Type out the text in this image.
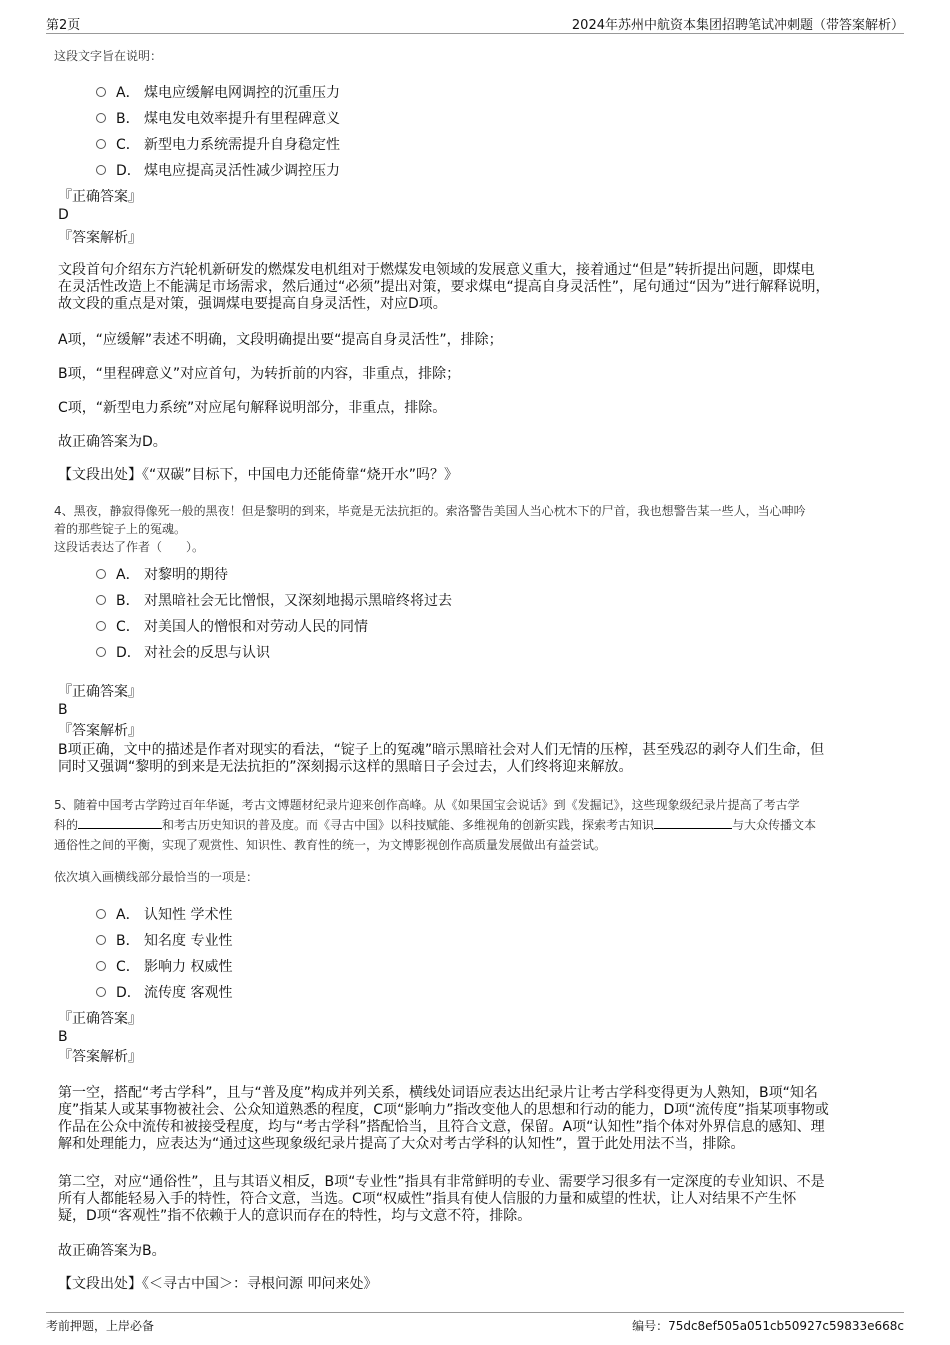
第2页	2024年苏州中航资本集团招聘笔试冲刺题（带答案解析）
这段文字旨在说明：
A． 煤电应缓解电网调控的沉重压力
B． 煤电发电效率提升有里程碑意义
C． 新型电力系统需提升自身稳定性
D． 煤电应提高灵活性减少调控压力
『正确答案』
D
『答案解析』
文段首句介绍东方汽轮机新研发的燃煤发电机组对于燃煤发电领域的发展意义重大，接着通过“但是”转折提出问题，即煤电
在灵活性改造上不能满足市场需求，然后通过“必须”提出对策，要求煤电“提高自身灵活性”，尾句通过“因为”进行解释说明，
故文段的重点是对策，强调煤电要提高自身灵活性，对应D项。
A项，“应缓解”表述不明确，文段明确提出要“提高自身灵活性”，排除；
B项，“里程碑意义”对应首句，为转折前的内容，非重点，排除；
C项，“新型电力系统”对应尾句解释说明部分，非重点，排除。
故正确答案为D。
【文段出处】《“双碳”目标下，中国电力还能倚靠“烧开水”吗？》
4、黑夜，静寂得像死一般的黑夜！但是黎明的到来，毕竟是无法抗拒的。索洛警告美国人当心枕木下的尸首，我也想警告某一些人，当心呻吟
着的那些锭子上的冤魂。
这段话表达了作者（　　）。
A． 对黎明的期待
B． 对黑暗社会无比憎恨，又深刻地揭示黑暗终将过去
C． 对美国人的憎恨和对劳动人民的同情
D． 对社会的反思与认识
『正确答案』
B
『答案解析』
B项正确，文中的描述是作者对现实的看法，“锭子上的冤魂”暗示黑暗社会对人们无情的压榨，甚至残忍的剥夺人们生命，但
同时又强调“黎明的到来是无法抗拒的”深刻揭示这样的黑暗日子会过去，人们终将迎来解放。
5、随着中国考古学跨过百年华诞，考古文博题材纪录片迎来创作高峰。从《如果国宝会说话》到《发掘记》，这些现象级纪录片提高了考古学
科的	和考古历史知识的普及度。而《寻古中国》以科技赋能、多维视角的创新实践，探索考古知识	与大众传播文本
通俗性之间的平衡，实现了观赏性、知识性、教育性的统一，为文博影视创作高质量发展做出有益尝试。
依次填入画横线部分最恰当的一项是：
A． 认知性 学术性
B． 知名度 专业性
C． 影响力 权威性
D． 流传度 客观性
『正确答案』
B
『答案解析』
第一空，搭配“考古学科”，且与“普及度”构成并列关系，横线处词语应表达出纪录片让考古学科变得更为人熟知，B项“知名
度”指某人或某事物被社会、公众知道熟悉的程度，C项“影响力”指改变他人的思想和行动的能力，D项“流传度”指某项事物或
作品在公众中流传和被接受程度，均与“考古学科”搭配恰当，且符合文意，保留。A项“认知性”指个体对外界信息的感知、理
解和处理能力，应表达为“通过这些现象级纪录片提高了大众对考古学科的认知性”，置于此处用法不当，排除。
第二空，对应“通俗性”，且与其语义相反，B项“专业性”指具有非常鲜明的专业、需要学习很多有一定深度的专业知识、不是
所有人都能轻易入手的特性，符合文意，当选。C项“权威性”指具有使人信服的力量和威望的性状，让人对结果不产生怀
疑，D项“客观性”指不依赖于人的意识而存在的特性，均与文意不符，排除。
故正确答案为B。
【文段出处】《＜寻古中国＞：寻根问源 叩问来处》
考前押题，上岸必备	编号：75dc8ef505a051cb50927c59833e668c
